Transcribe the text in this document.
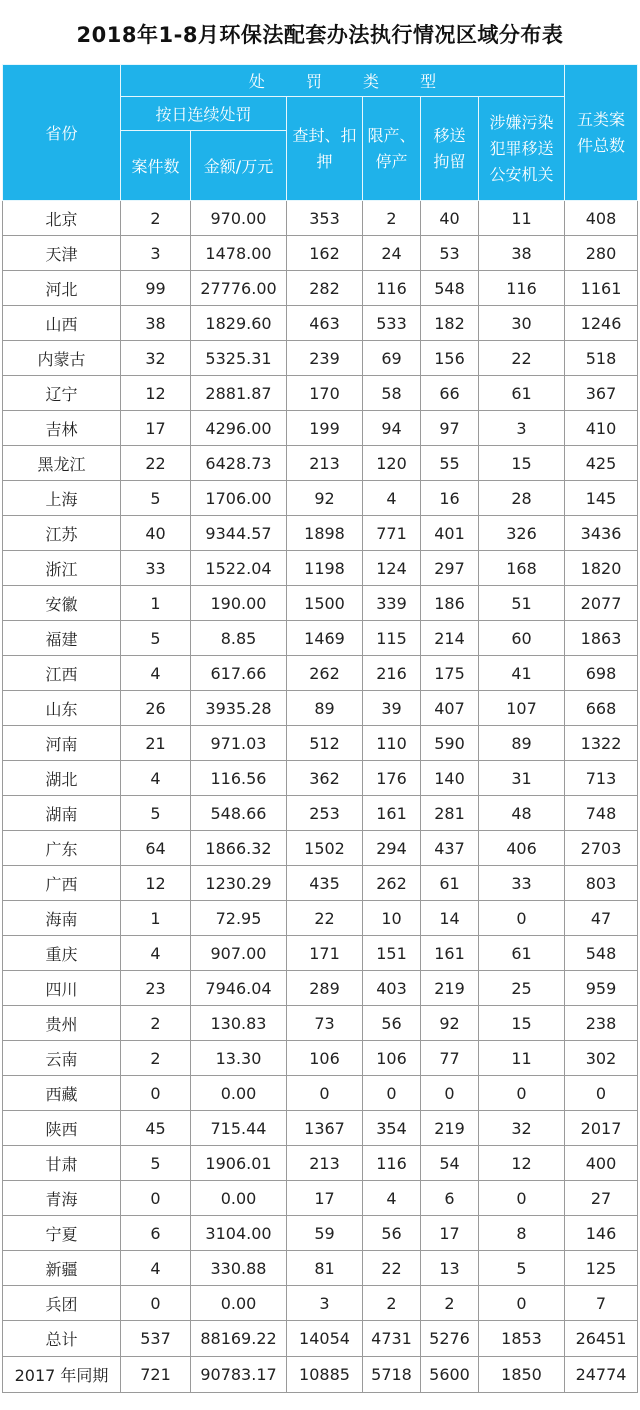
2018年1-8月环保法配套办法执行情况区域分布表
省份	处 罚 类 型						五类案件总数
	按日连续处罚		查封、扣押	限产、停产	移送拘留	涉嫌污染犯罪移送公安机关	
	案件数	金额/万元					
北京	2	970.00	353	2	40	11	408
天津	3	1478.00	162	24	53	38	280
河北	99	27776.00	282	116	548	116	1161
山西	38	1829.60	463	533	182	30	1246
内蒙古	32	5325.31	239	69	156	22	518
辽宁	12	2881.87	170	58	66	61	367
吉林	17	4296.00	199	94	97	3	410
黑龙江	22	6428.73	213	120	55	15	425
上海	5	1706.00	92	4	16	28	145
江苏	40	9344.57	1898	771	401	326	3436
浙江	33	1522.04	1198	124	297	168	1820
安徽	1	190.00	1500	339	186	51	2077
福建	5	8.85	1469	115	214	60	1863
江西	4	617.66	262	216	175	41	698
山东	26	3935.28	89	39	407	107	668
河南	21	971.03	512	110	590	89	1322
湖北	4	116.56	362	176	140	31	713
湖南	5	548.66	253	161	281	48	748
广东	64	1866.32	1502	294	437	406	2703
广西	12	1230.29	435	262	61	33	803
海南	1	72.95	22	10	14	0	47
重庆	4	907.00	171	151	161	61	548
四川	23	7946.04	289	403	219	25	959
贵州	2	130.83	73	56	92	15	238
云南	2	13.30	106	106	77	11	302
西藏	0	0.00	0	0	0	0	0
陕西	45	715.44	1367	354	219	32	2017
甘肃	5	1906.01	213	116	54	12	400
青海	0	0.00	17	4	6	0	27
宁夏	6	3104.00	59	56	17	8	146
新疆	4	330.88	81	22	13	5	125
兵团	0	0.00	3	2	2	0	7
总计	537	88169.22	14054	4731	5276	1853	26451
2017 年同期	721	90783.17	10885	5718	5600	1850	24774
